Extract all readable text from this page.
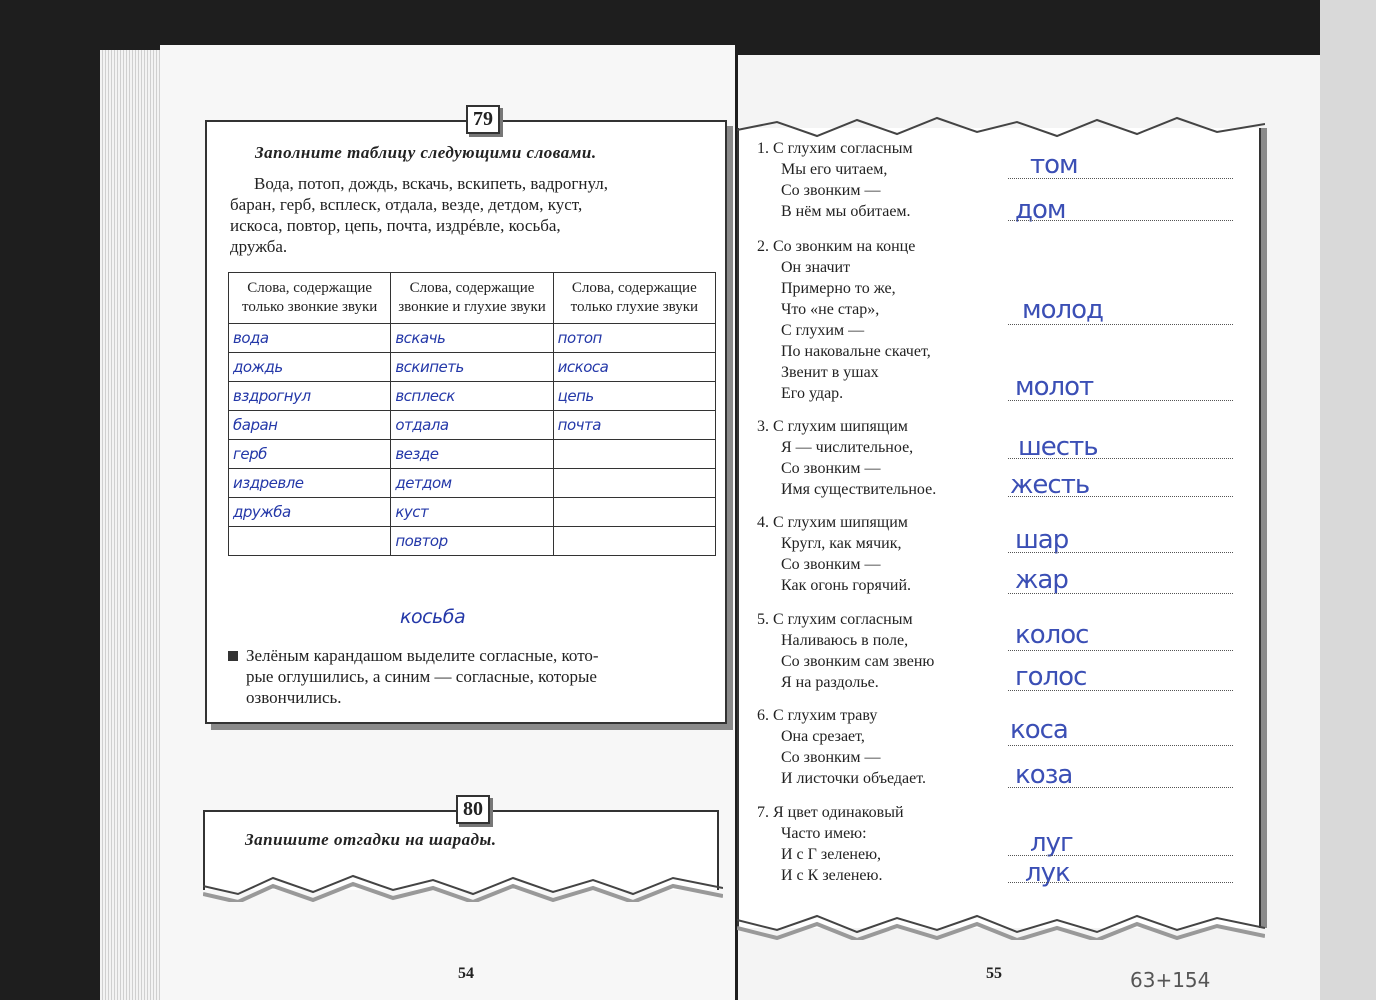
79
Заполните таблицу следующими словами.
Вода, потоп, дождь, вскачь, вскипеть, вадрогнул,
баран, герб, всплеск, отдала, везде, детдом, куст,
искоса, повтор, цепь, почта, издрéвле, косьба,
дружба.
Слова, содержащие только звонкие звуки	Слова, содержащие звонкие и глухие звуки	Слова, содержащие только глухие звуки
вода	вскачь	потоп
дождь	вскипеть	искоса
вздрогнул	всплеск	цепь
баран	отдала	почта
герб	везде	
издревле	детдом	
дружба	куст	
	повтор	
косьба
Зелёным карандашом выделите согласные, кото-
рые оглушились, а синим — согласные, которые
озвончились.
80
Запишите отгадки на шарады.
54
1. С глухим согласным
Мы его читаем,
Со звонким —
В нём мы обитаем.
том
дом
2. Со звонким на конце
Он значит
Примерно то же,
Что «не стар»,
С глухим —
По наковальне скачет,
Звенит в ушах
Его удар.
молод
молот
3. С глухим шипящим
Я — числительное,
Со звонким —
Имя существительное.
шесть
жесть
4. С глухим шипящим
Кругл, как мячик,
Со звонким —
Как огонь горячий.
шар
жар
5. С глухим согласным
Наливаюсь в поле,
Со звонким сам звеню
Я на раздолье.
колос
голос
6. С глухим траву
Она срезает,
Со звонким —
И листочки объедает.
коса
коза
7. Я цвет одинаковый
Часто имею:
И с Г зеленею,
И с К зеленею.
луг
лук
55	63+154
